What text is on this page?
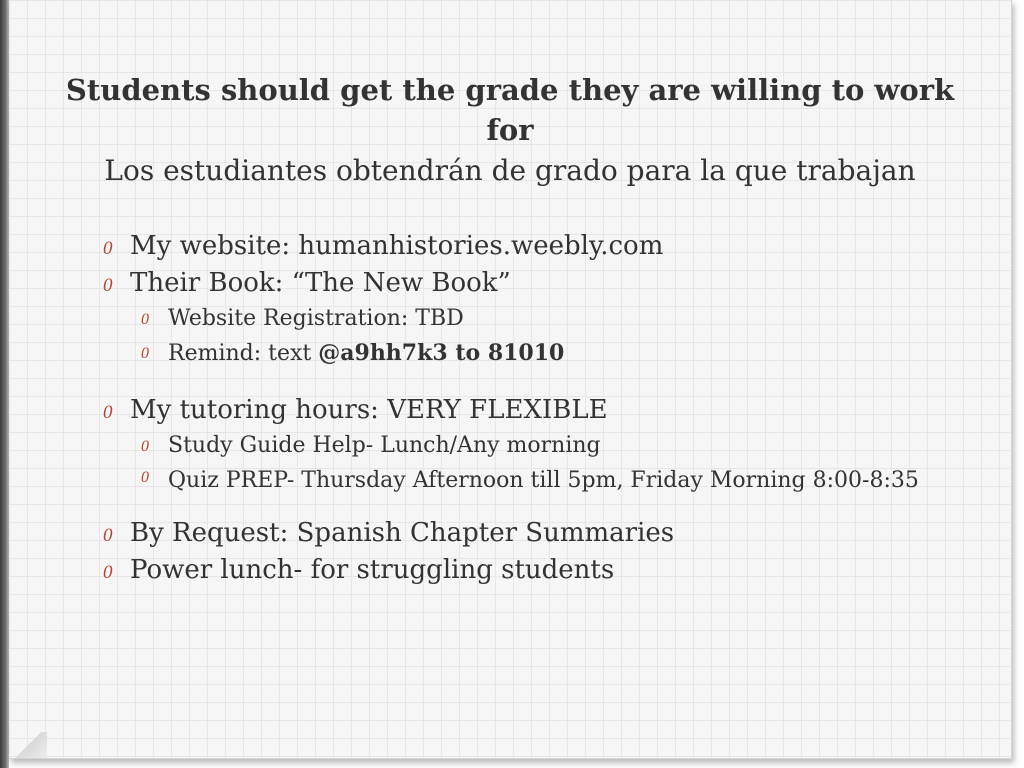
Students should get the grade they are willing to work for
Los estudiantes obtendrán de grado para la que trabajan
0 My website: humanhistories.weebly.com
0 Their Book: “The New Book”
0 Website Registration: TBD
0 Remind: text @a9hh7k3 to 81010
0 My tutoring hours: VERY FLEXIBLE
0 Study Guide Help- Lunch/Any morning
0 Quiz PREP- Thursday Afternoon till 5pm, Friday Morning 8:00-8:35
0 By Request: Spanish Chapter Summaries
0 Power lunch- for struggling students
